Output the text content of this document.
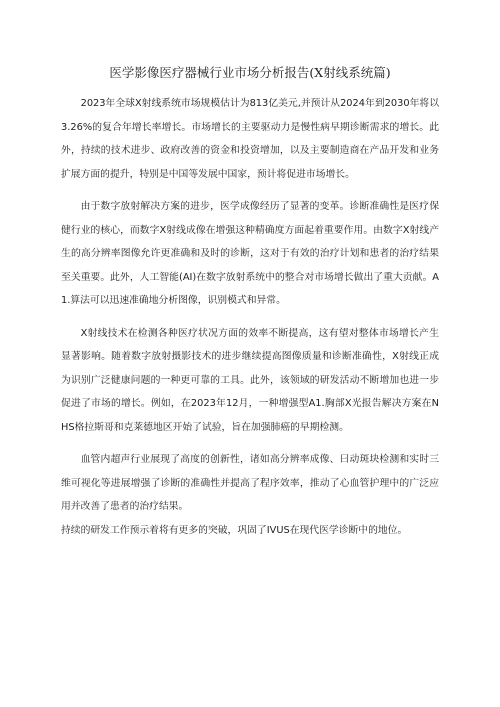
医学影像医疗器械行业市场分析报告(X射线系统篇)

2023年全球X射线系统市场规模估计为813亿美元,并预计从2024年到2030年将以3.26%的复合年增长率增长。市场增长的主要驱动力是慢性病早期诊断需求的增长。此外，持续的技术进步、政府改善的资金和投资增加，以及主要制造商在产品开发和业务扩展方面的提升，特别是中国等发展中国家，预计将促进市场增长。

由于数字放射解决方案的进步，医学成像经历了显著的变革。诊断准确性是医疗保健行业的核心，而数字X射线成像在增强这种精确度方面起着重要作用。由数字X射线产生的高分辨率图像允许更准确和及时的诊断，这对于有效的治疗计划和患者的治疗结果至关重要。此外，人工智能(AI)在数字放射系统中的整合对市场增长做出了重大贡献。A1.算法可以迅速准确地分析图像，识别模式和异常。

X射线技术在检测各种医疗状况方面的效率不断提高，这有望对整体市场增长产生显著影响。随着数字放射摄影技术的进步继续提高图像质量和诊断准确性，X射线正成为识别广泛健康问题的一种更可靠的工具。此外，该领域的研发活动不断增加也进一步促进了市场的增长。例如，在2023年12月，一种增强型A1.胸部X光报告解决方案在NHS格拉斯哥和克莱德地区开始了试验，旨在加强肺癌的早期检测。

血管内超声行业展现了高度的创新性，诸如高分辨率成像、曰动斑块检测和实时三维可视化等进展增强了诊断的准确性并提高了程序效率，推动了心血管护理中的广泛应用并改善了患者的治疗结果。

持续的研发工作预示着将有更多的突破，巩固了IVUS在现代医学诊断中的地位。
